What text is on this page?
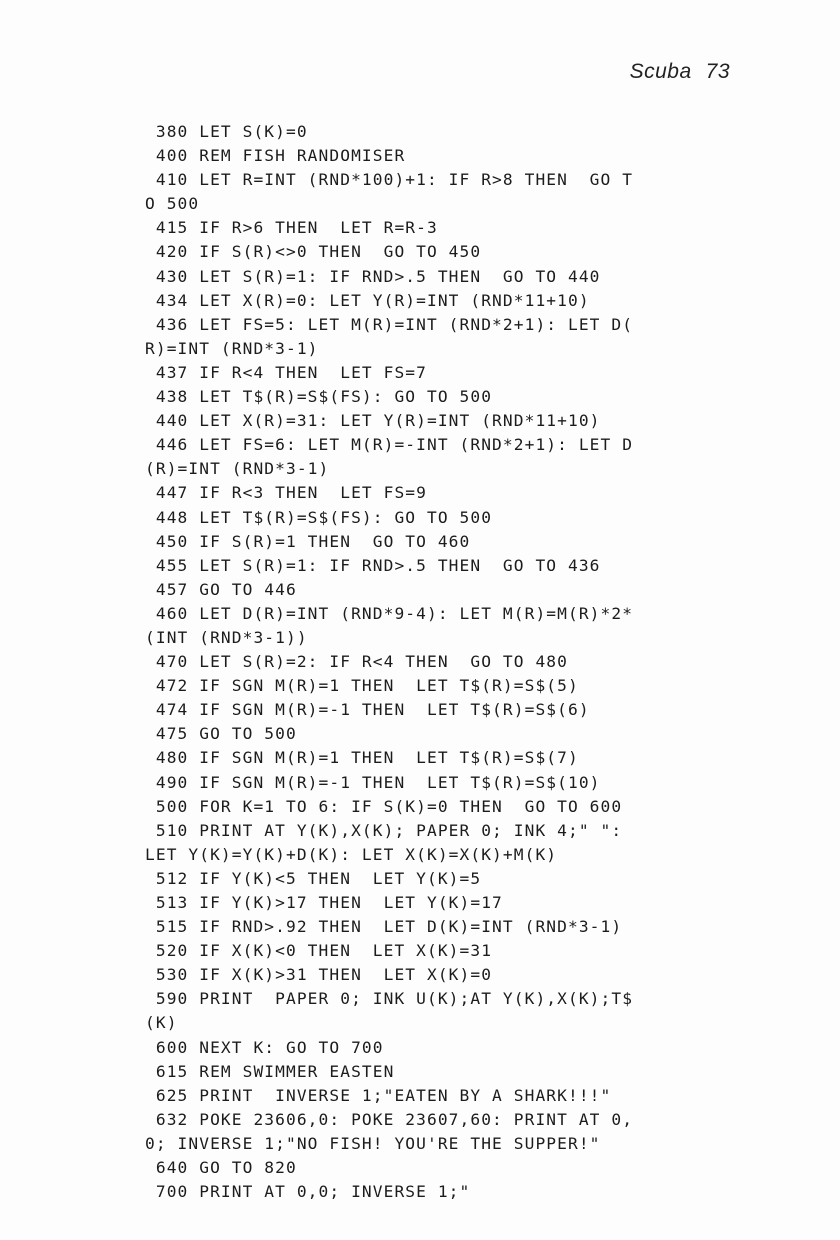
Scuba 73
380 LET S(K)=0
400 REM FISH RANDOMISER
410 LET R=INT (RND*100)+1: IF R>8 THEN  GO T
O 500
415 IF R>6 THEN  LET R=R-3
420 IF S(R)<>0 THEN  GO TO 450
430 LET S(R)=1: IF RND>.5 THEN  GO TO 440
434 LET X(R)=0: LET Y(R)=INT (RND*11+10)
436 LET FS=5: LET M(R)=INT (RND*2+1): LET D(
R)=INT (RND*3-1)
437 IF R<4 THEN  LET FS=7
438 LET T$(R)=S$(FS): GO TO 500
440 LET X(R)=31: LET Y(R)=INT (RND*11+10)
446 LET FS=6: LET M(R)=-INT (RND*2+1): LET D
(R)=INT (RND*3-1)
447 IF R<3 THEN  LET FS=9
448 LET T$(R)=S$(FS): GO TO 500
450 IF S(R)=1 THEN  GO TO 460
455 LET S(R)=1: IF RND>.5 THEN  GO TO 436
457 GO TO 446
460 LET D(R)=INT (RND*9-4): LET M(R)=M(R)*2*
(INT (RND*3-1))
470 LET S(R)=2: IF R<4 THEN  GO TO 480
472 IF SGN M(R)=1 THEN  LET T$(R)=S$(5)
474 IF SGN M(R)=-1 THEN  LET T$(R)=S$(6)
475 GO TO 500
480 IF SGN M(R)=1 THEN  LET T$(R)=S$(7)
490 IF SGN M(R)=-1 THEN  LET T$(R)=S$(10)
500 FOR K=1 TO 6: IF S(K)=0 THEN  GO TO 600
510 PRINT AT Y(K),X(K); PAPER 0; INK 4;" ":
LET Y(K)=Y(K)+D(K): LET X(K)=X(K)+M(K)
512 IF Y(K)<5 THEN  LET Y(K)=5
513 IF Y(K)>17 THEN  LET Y(K)=17
515 IF RND>.92 THEN  LET D(K)=INT (RND*3-1)
520 IF X(K)<0 THEN  LET X(K)=31
530 IF X(K)>31 THEN  LET X(K)=0
590 PRINT  PAPER 0; INK U(K);AT Y(K),X(K);T$
(K)
600 NEXT K: GO TO 700
615 REM SWIMMER EASTEN
625 PRINT  INVERSE 1;"EATEN BY A SHARK!!!"
632 POKE 23606,0: POKE 23607,60: PRINT AT 0,
0; INVERSE 1;"NO FISH! YOU'RE THE SUPPER!"
640 GO TO 820
700 PRINT AT 0,0; INVERSE 1;"
